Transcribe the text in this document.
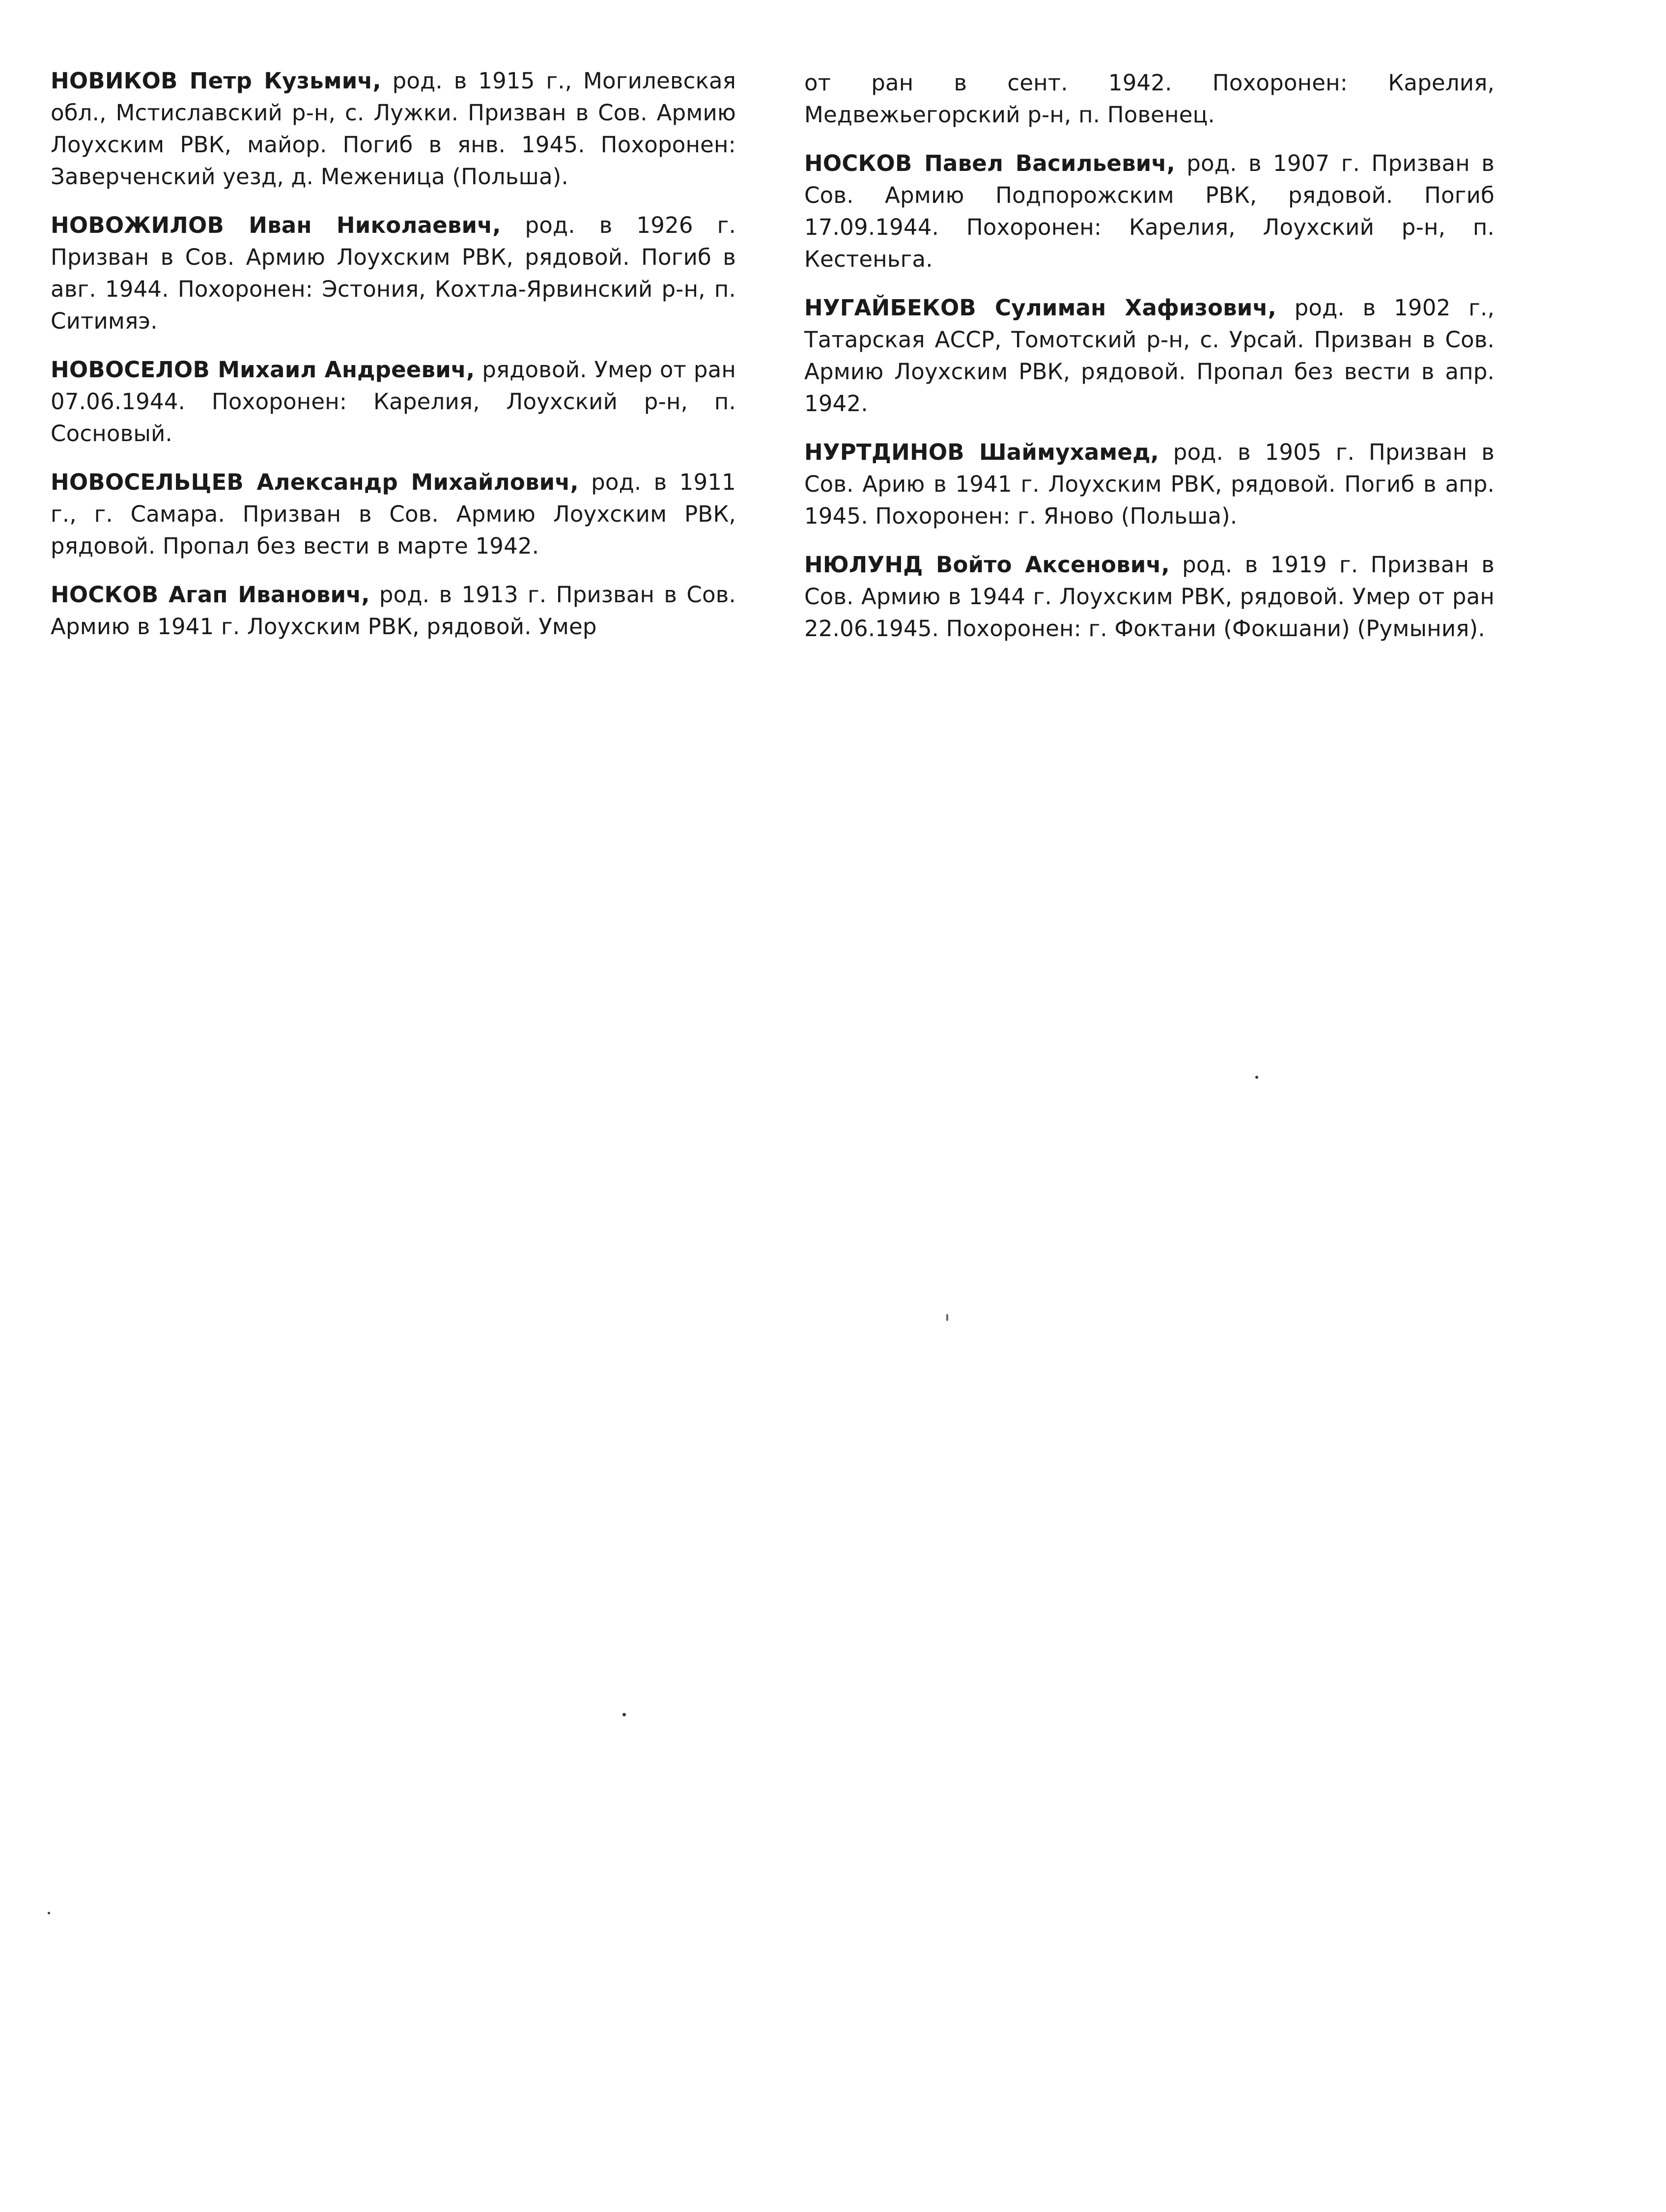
НОВИКОВ Петр Кузьмич, род. в 1915 г., Могилевская обл., Мстиславский р-н, с. Лужки. Призван в Сов. Армию Лоухским РВК, майор. Погиб в янв. 1945. Похоронен: Заверченский уезд, д. Меженица (Польша).

НОВОЖИЛОВ Иван Николаевич, род. в 1926 г. Призван в Сов. Армию Лоухским РВК, рядовой. Погиб в авг. 1944. Похоронен: Эстония, Кохтла-Ярвинский р-н, п. Ситимяэ.

НОВОСЕЛОВ Михаил Андреевич, рядовой. Умер от ран 07.06.1944. Похоронен: Карелия, Лоухский р-н, п. Сосновый.

НОВОСЕЛЬЦЕВ Александр Михайлович, род. в 1911 г., г. Самара. Призван в Сов. Армию Лоухским РВК, рядовой. Пропал без вести в марте 1942.

НОСКОВ Агап Иванович, род. в 1913 г. Призван в Сов. Армию в 1941 г. Лоухским РВК, рядовой. Умер

от ран в сент. 1942. Похоронен: Карелия, Медвежьегорский р-н, п. Повенец.

НОСКОВ Павел Васильевич, род. в 1907 г. Призван в Сов. Армию Подпорожским РВК, рядовой. Погиб 17.09.1944. Похоронен: Карелия, Лоухский р-н, п. Кестеньга.

НУГАЙБЕКОВ Сулиман Хафизович, род. в 1902 г., Татарская АССР, Томотский р-н, с. Урсай. Призван в Сов. Армию Лоухским РВК, рядовой. Пропал без вести в апр. 1942.

НУРТДИНОВ Шаймухамед, род. в 1905 г. Призван в Сов. Арию в 1941 г. Лоухским РВК, рядовой. Погиб в апр. 1945. Похоронен: г. Яново (Польша).

НЮЛУНД Войто Аксенович, род. в 1919 г. Призван в Сов. Армию в 1944 г. Лоухским РВК, рядовой. Умер от ран 22.06.1945. Похоронен: г. Фоктани (Фокшани) (Румыния).
